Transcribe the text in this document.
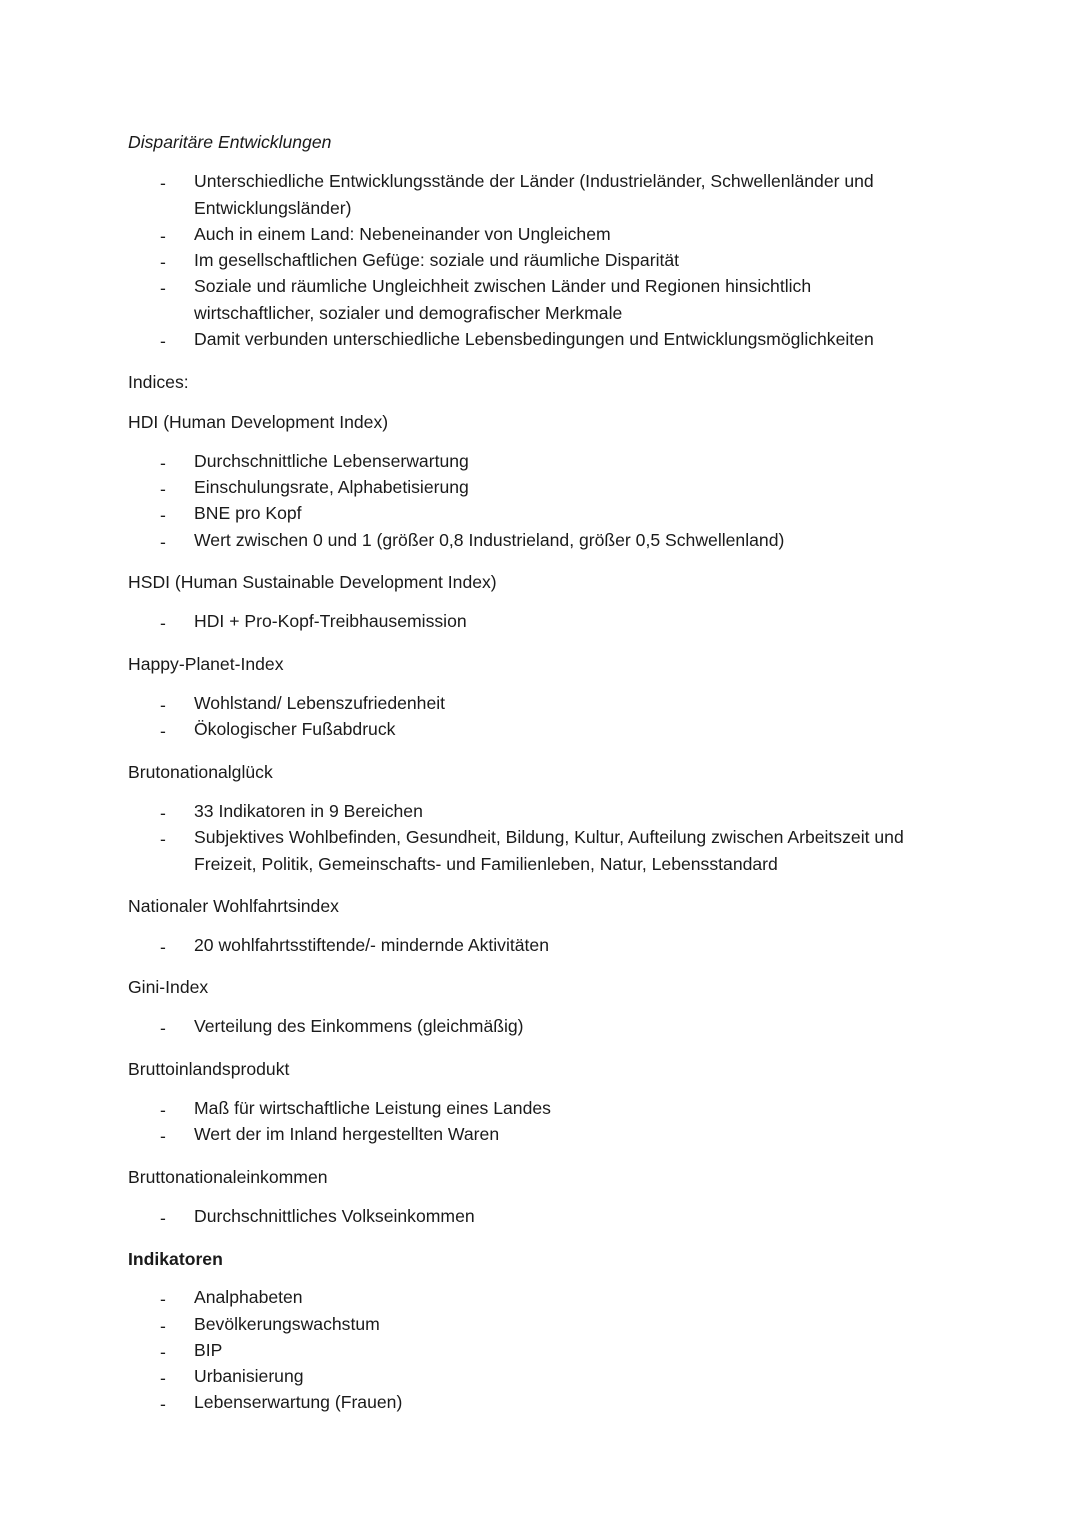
Disparitäre Entwicklungen
- Unterschiedliche Entwicklungsstände der Länder (Industrieländer, Schwellenländer und Entwicklungsländer)
- Auch in einem Land: Nebeneinander von Ungleichem
- Im gesellschaftlichen Gefüge: soziale und räumliche Disparität
- Soziale und räumliche Ungleichheit zwischen Länder und Regionen hinsichtlich wirtschaftlicher, sozialer und demografischer Merkmale
- Damit verbunden unterschiedliche Lebensbedingungen und Entwicklungsmöglichkeiten
Indices:
HDI (Human Development Index)
- Durchschnittliche Lebenserwartung
- Einschulungsrate, Alphabetisierung
- BNE pro Kopf
- Wert zwischen 0 und 1 (größer 0,8 Industrieland, größer 0,5 Schwellenland)
HSDI (Human Sustainable Development Index)
- HDI + Pro-Kopf-Treibhausemission
Happy-Planet-Index
- Wohlstand/ Lebenszufriedenheit
- Ökologischer Fußabdruck
Brutonationalglück
- 33 Indikatoren in 9 Bereichen
- Subjektives Wohlbefinden, Gesundheit, Bildung, Kultur, Aufteilung zwischen Arbeitszeit und Freizeit, Politik, Gemeinschafts- und Familienleben, Natur, Lebensstandard
Nationaler Wohlfahrtsindex
- 20 wohlfahrtsstiftende/- mindernde Aktivitäten
Gini-Index
- Verteilung des Einkommens (gleichmäßig)
Bruttoinlandsprodukt
- Maß für wirtschaftliche Leistung eines Landes
- Wert der im Inland hergestellten Waren
Bruttonationaleinkommen
- Durchschnittliches Volkseinkommen
Indikatoren
- Analphabeten
- Bevölkerungswachstum
- BIP
- Urbanisierung
- Lebenserwartung (Frauen)
